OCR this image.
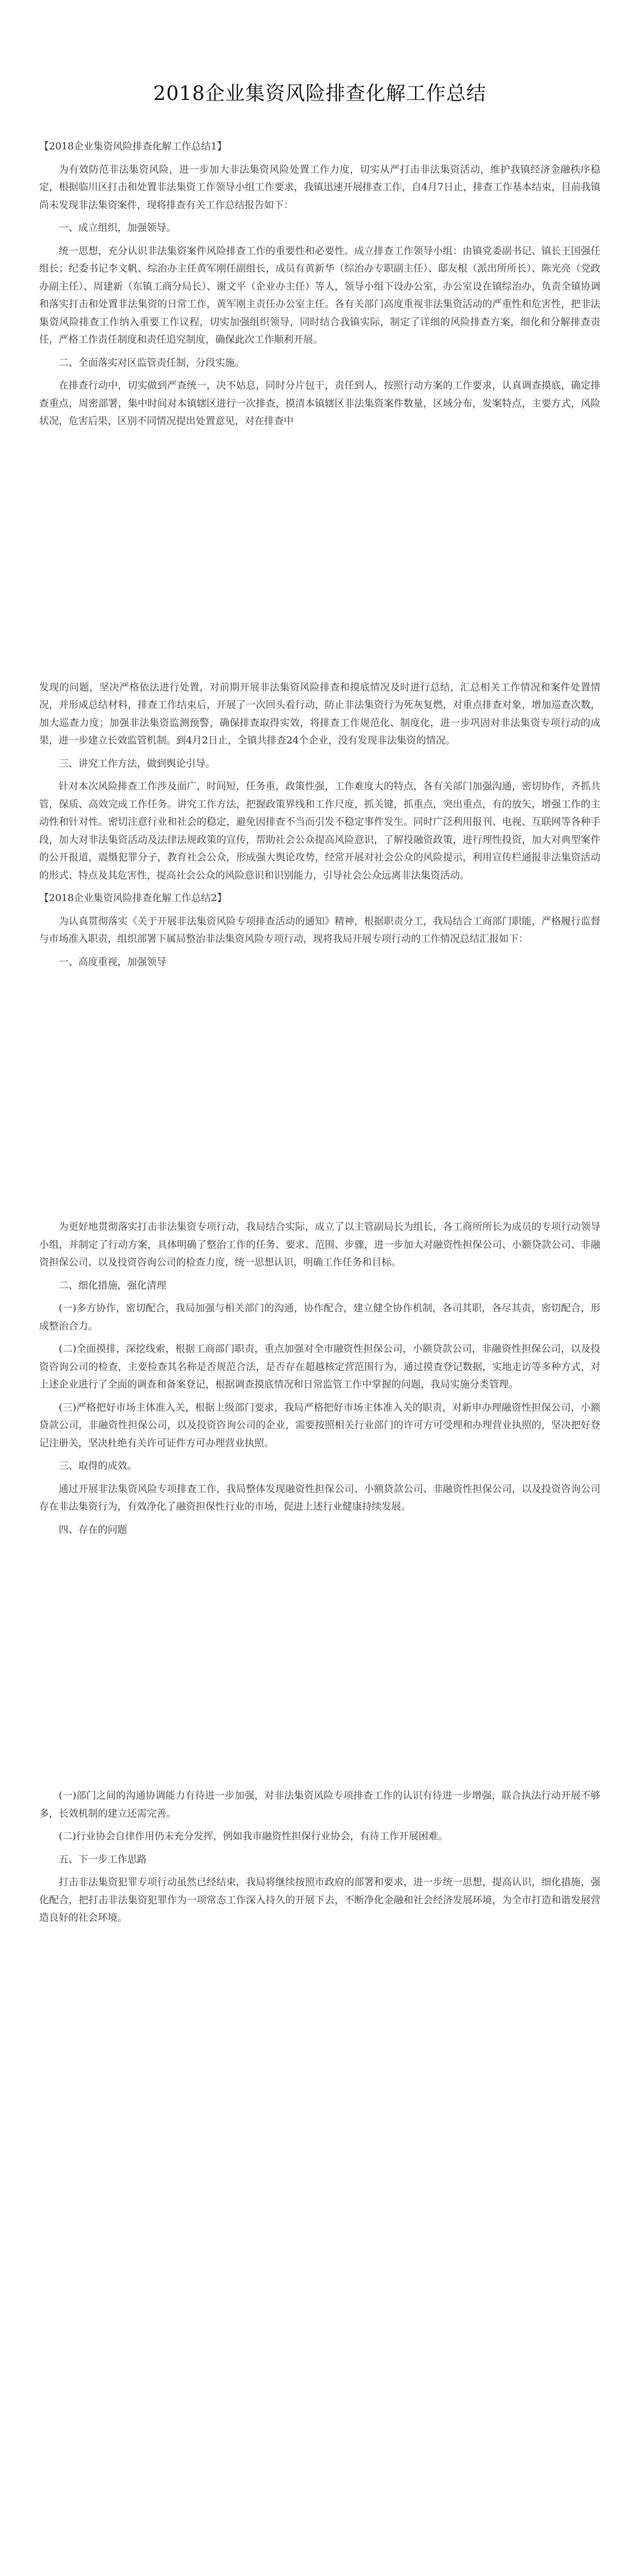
2018企业集资风险排查化解工作总结

【2018企业集资风险排查化解工作总结1】

为有效防范非法集资风险，进一步加大非法集资风险处置工作力度，切实从严打击非法集资活动，维护我镇经济金融秩序稳定，根据临川区打击和处置非法集资工作领导小组工作要求，我镇迅速开展排查工作，自4月7日止，排查工作基本结束，目前我镇尚未发现非法集资案件，现将排查有关工作总结报告如下：

一、成立组织，加强领导。

统一思想，充分认识非法集资案件风险排查工作的重要性和必要性。成立排查工作领导小组：由镇党委副书记、镇长王国强任组长；纪委书记李文帆、综治办主任黄军刚任副组长，成员有黄新华（综治办专职副主任）、邸友根（派出所所长）、陈光亮（党政办副主任）、周建新（东镇工商分局长）、谢文平（企业办主任）等人，领导小组下设办公室，办公室设在镇综治办，负责全镇协调和落实打击和处置非法集资的日常工作，黄军刚主责任办公室主任。各有关部门高度重视非法集资活动的严重性和危害性，把非法集资风险排查工作纳入重要工作议程，切实加强组织领导，同时结合我镇实际，制定了详细的风险排查方案，细化和分解排查责任，严格工作责任制度和责任追究制度，确保此次工作顺利开展。

二、全面落实对区监管责任制，分段实施。

在排查行动中，切实做到严查统一，决不姑息，同时分片包干，责任到人，按照行动方案的工作要求，认真调查摸底，确定排查重点，周密部署，集中时间对本镇辖区进行一次排查，摸清本镇辖区非法集资案件数量，区域分布，发案特点，主要方式，风险状况，危害后果，区别不同情况提出处置意见，对在排查中

发现的问题，坚决严格依法进行处置，对前期开展非法集资风险排查和摸底情况及时进行总结，汇总相关工作情况和案件处置情况，并形成总结材料，排查工作结束后，开展了一次回头看行动，防止非法集资行为死灰复燃，对重点排查对象，增加巡查次数，加大巡查力度；加强非法集资监测预警，确保排查取得实效，将排查工作规范化、制度化，进一步巩固对非法集资专项行动的成果，进一步建立长效监管机制。到4月2日止，全镇共排查24个企业，没有发现非法集资的情况。

三、讲究工作方法，做到舆论引导。

针对本次风险排查工作涉及面广，时间短，任务重，政策性强，工作难度大的特点，各有关部门加强沟通，密切协作，齐抓共管，保质、高效完成工作任务。讲究工作方法，把握政策界线和工作尺度，抓关键，抓重点，突出重点，有的放矢，增强工作的主动性和针对性。密切注意行业和社会的稳定，避免因排查不当而引发不稳定事件发生。同时广泛利用报刊、电视、互联网等各种手段，加大对非法集资活动及法律法规政策的宣传，帮助社会公众提高风险意识，了解投融资政策，进行理性投资，加大对典型案件的公开报道，震慑犯罪分子，教育社会公众，形成强大舆论攻势，经常开展对社会公众的风险提示，利用宣传栏通报非法集资活动的形式、特点及其危害性，提高社会公众的风险意识和识别能力，引导社会公众远离非法集资活动。

【2018企业集资风险排查化解工作总结2】

为认真贯彻落实《关于开展非法集资风险专项排查活动的通知》精神，根据职责分工，我局结合工商部门职能，严格履行监督与市场准入职责，组织部署下属局整治非法集资风险专项行动，现将我局开展专项行动的工作情况总结汇报如下：

一、高度重视，加强领导

为更好地贯彻落实打击非法集资专项行动，我局结合实际，成立了以主管副局长为组长，各工商所所长为成员的专项行动领导小组，并制定了行动方案，具体明确了整治工作的任务、要求、范围、步骤，进一步加大对融资性担保公司、小额贷款公司、非融资担保公司、以及投资咨询公司的检查力度，统一思想认识，明确工作任务和目标。

二、细化措施，强化清理

(一)多方协作，密切配合，我局加强与相关部门的沟通，协作配合，建立健全协作机制，各司其职，各尽其责，密切配合，形成整治合力。

(二)全面摸排，深挖线索，根据工商部门职责，重点加强对全市融资性担保公司，小额贷款公司，非融资性担保公司，以及投资咨询公司的检查，主要检查其名称是否规范合法，是否存在超越核定营范围行为，通过摸查登记数据，实地走访等多种方式，对上述企业进行了全面的调查和备案登记，根据调查摸底情况和日常监管工作中掌握的问题，我局实施分类管理。

(三)严格把好市场主体准入关，根据上级部门要求，我局严格把好市场主体准入关的职责，对新申办理融资性担保公司，小额贷款公司，非融资性担保公司，以及投资咨询公司的企业，需要按照相关行业部门的许可方可受理和办理营业执照的，坚决把好登记注册关，坚决杜绝有关许可证件方可办理营业执照。

三、取得的成效。

通过开展非法集资风险专项排查工作，我局整体发现融资性担保公司、小额贷款公司、非融资性担保公司，以及投资咨询公司存在非法集资行为，有效净化了融资担保性行业的市场，促进上述行业健康持续发展。

四、存在的问题

(一)部门之间的沟通协调能力有待进一步加强，对非法集资风险专项排查工作的认识有待进一步增强，联合执法行动开展不够多，长效机制的建立还需完善。

(二)行业协会自律作用仍未充分发挥，例如我市融资性担保行业协会，有待工作开展困难。

五、下一步工作思路

打击非法集资犯罪专项行动虽然已经结束，我局将继续按照市政府的部署和要求，进一步统一思想，提高认识，细化措施，强化配合，把打击非法集资犯罪作为一项常态工作深入持久的开展下去，不断净化金融和社会经济发展环境，为全市打造和谐发展营造良好的社会环境。
